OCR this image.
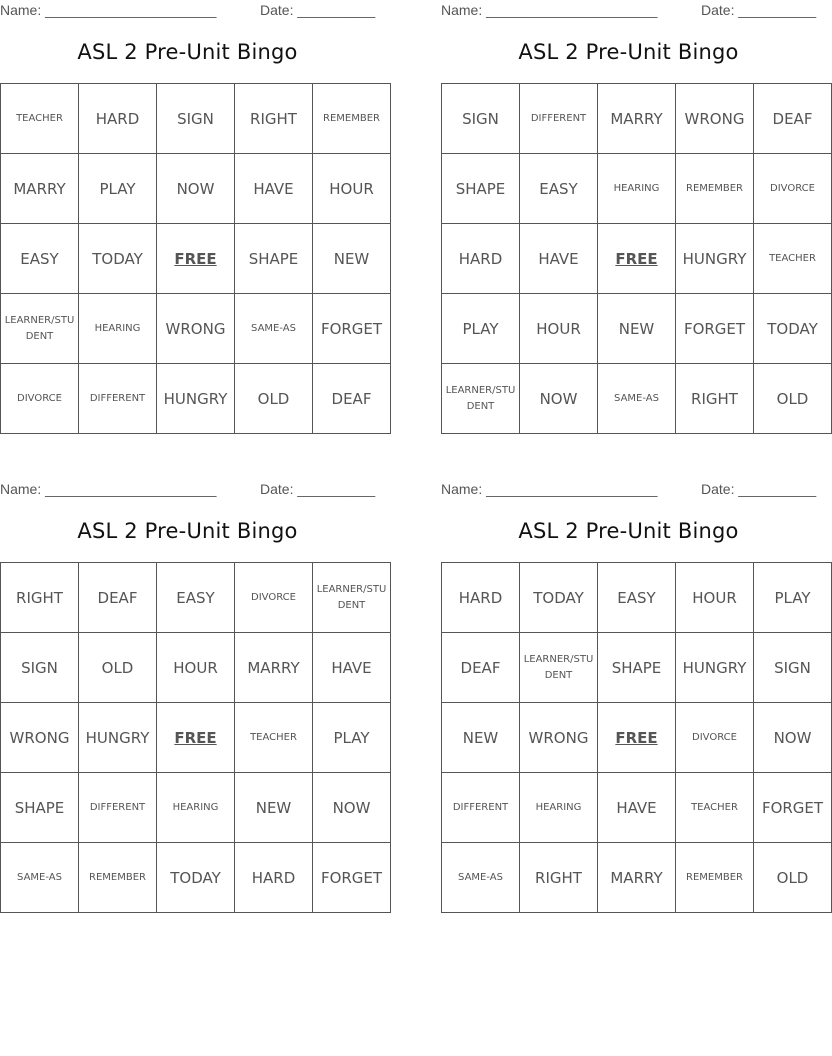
Name: ______________________	Date: __________
ASL 2 Pre-Unit Bingo
TEACHER	HARD	SIGN	RIGHT	REMEMBER
MARRY	PLAY	NOW	HAVE	HOUR
EASY	TODAY	FREE	SHAPE	NEW
LEARNER/STUDENT	HEARING	WRONG	SAME-AS	FORGET
DIVORCE	DIFFERENT	HUNGRY	OLD	DEAF
Name: ______________________	Date: __________
ASL 2 Pre-Unit Bingo
SIGN	DIFFERENT	MARRY	WRONG	DEAF
SHAPE	EASY	HEARING	REMEMBER	DIVORCE
HARD	HAVE	FREE	HUNGRY	TEACHER
PLAY	HOUR	NEW	FORGET	TODAY
LEARNER/STUDENT	NOW	SAME-AS	RIGHT	OLD
Name: ______________________	Date: __________
ASL 2 Pre-Unit Bingo
RIGHT	DEAF	EASY	DIVORCE	LEARNER/STUDENT
SIGN	OLD	HOUR	MARRY	HAVE
WRONG	HUNGRY	FREE	TEACHER	PLAY
SHAPE	DIFFERENT	HEARING	NEW	NOW
SAME-AS	REMEMBER	TODAY	HARD	FORGET
Name: ______________________	Date: __________
ASL 2 Pre-Unit Bingo
HARD	TODAY	EASY	HOUR	PLAY
DEAF	LEARNER/STUDENT	SHAPE	HUNGRY	SIGN
NEW	WRONG	FREE	DIVORCE	NOW
DIFFERENT	HEARING	HAVE	TEACHER	FORGET
SAME-AS	RIGHT	MARRY	REMEMBER	OLD
